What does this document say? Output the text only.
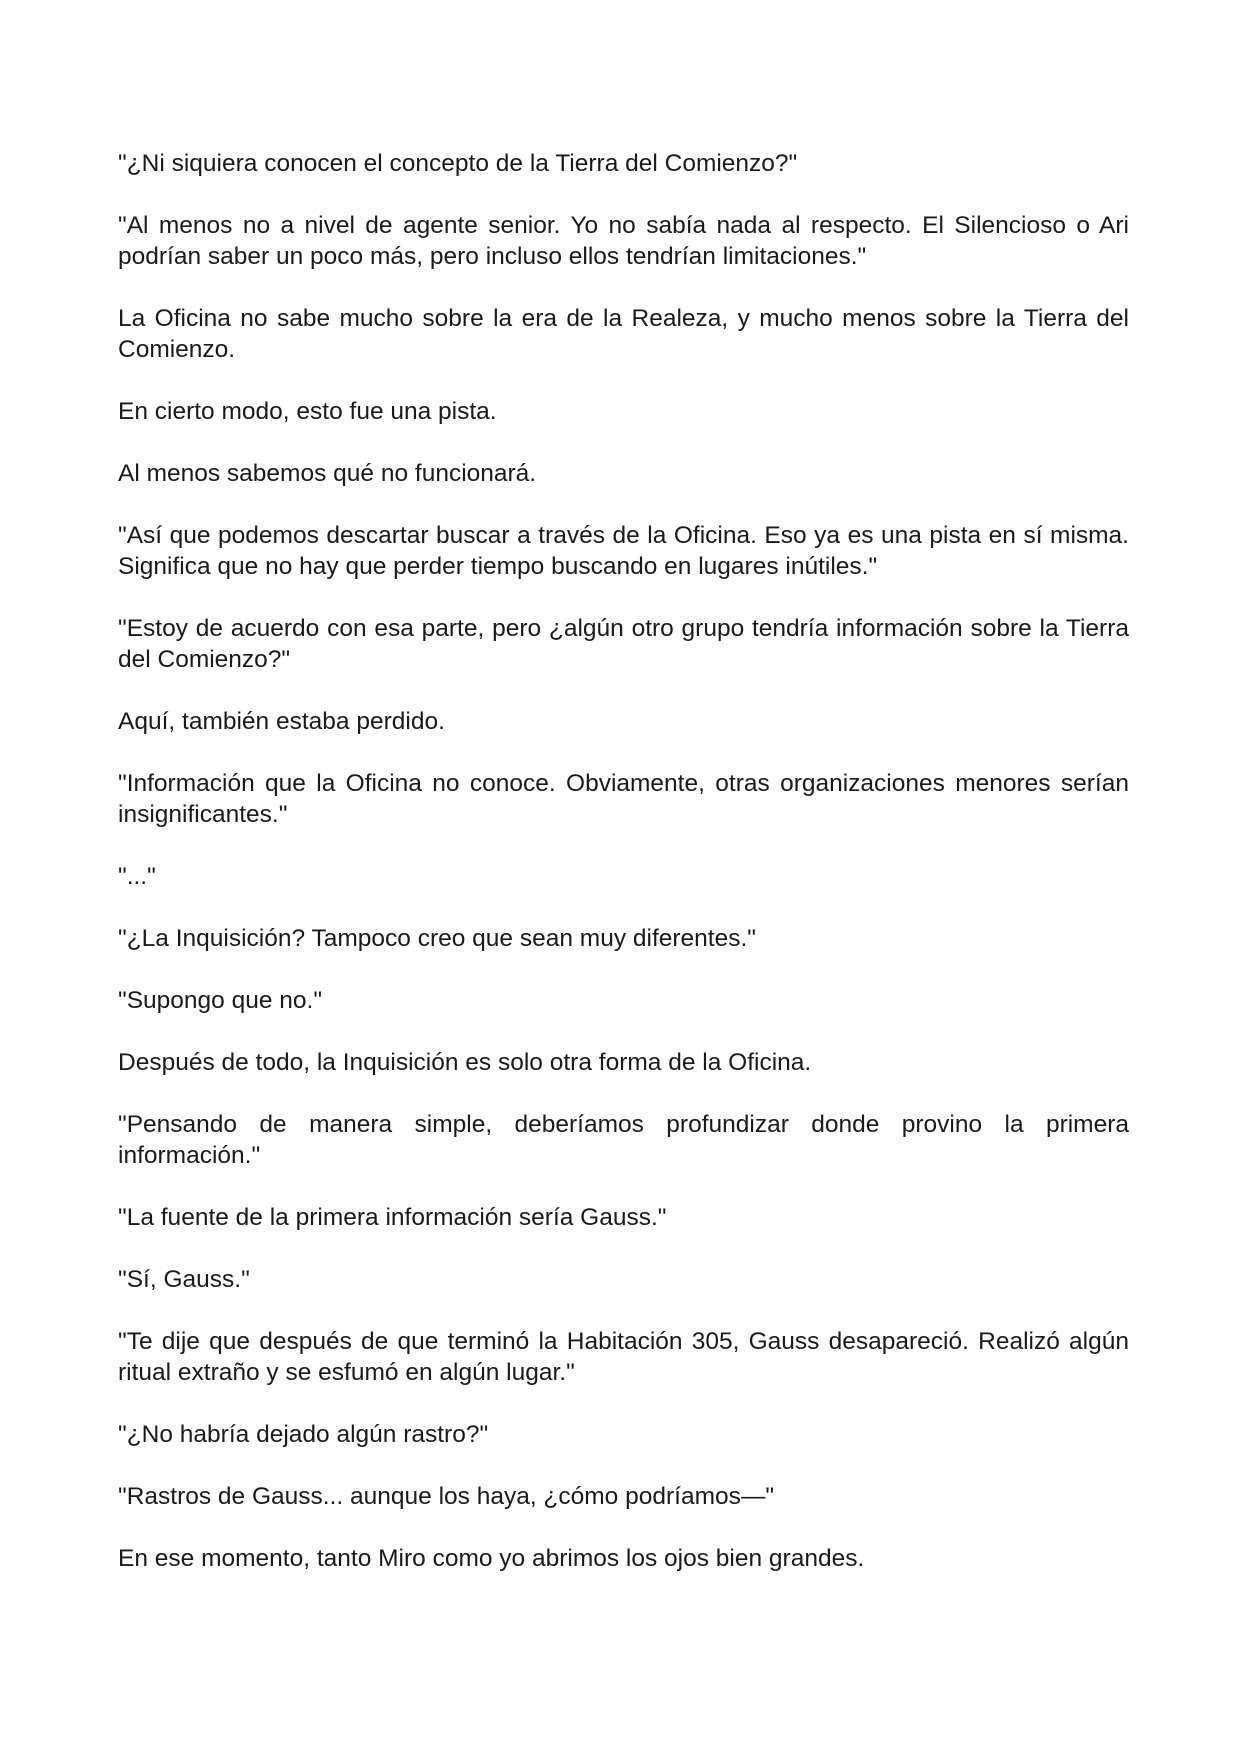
"¿Ni siquiera conocen el concepto de la Tierra del Comienzo?"

"Al menos no a nivel de agente senior. Yo no sabía nada al respecto. El Silencioso o Ari podrían saber un poco más, pero incluso ellos tendrían limitaciones."

La Oficina no sabe mucho sobre la era de la Realeza, y mucho menos sobre la Tierra del Comienzo.

En cierto modo, esto fue una pista.

Al menos sabemos qué no funcionará.

"Así que podemos descartar buscar a través de la Oficina. Eso ya es una pista en sí misma. Significa que no hay que perder tiempo buscando en lugares inútiles."

"Estoy de acuerdo con esa parte, pero ¿algún otro grupo tendría información sobre la Tierra del Comienzo?"

Aquí, también estaba perdido.

"Información que la Oficina no conoce. Obviamente, otras organizaciones menores serían insignificantes."

"..."

"¿La Inquisición? Tampoco creo que sean muy diferentes."

"Supongo que no."

Después de todo, la Inquisición es solo otra forma de la Oficina.

"Pensando de manera simple, deberíamos profundizar donde provino la primera información."

"La fuente de la primera información sería Gauss."

"Sí, Gauss."

"Te dije que después de que terminó la Habitación 305, Gauss desapareció. Realizó algún ritual extraño y se esfumó en algún lugar."

"¿No habría dejado algún rastro?"

"Rastros de Gauss... aunque los haya, ¿cómo podríamos—"

En ese momento, tanto Miro como yo abrimos los ojos bien grandes.
